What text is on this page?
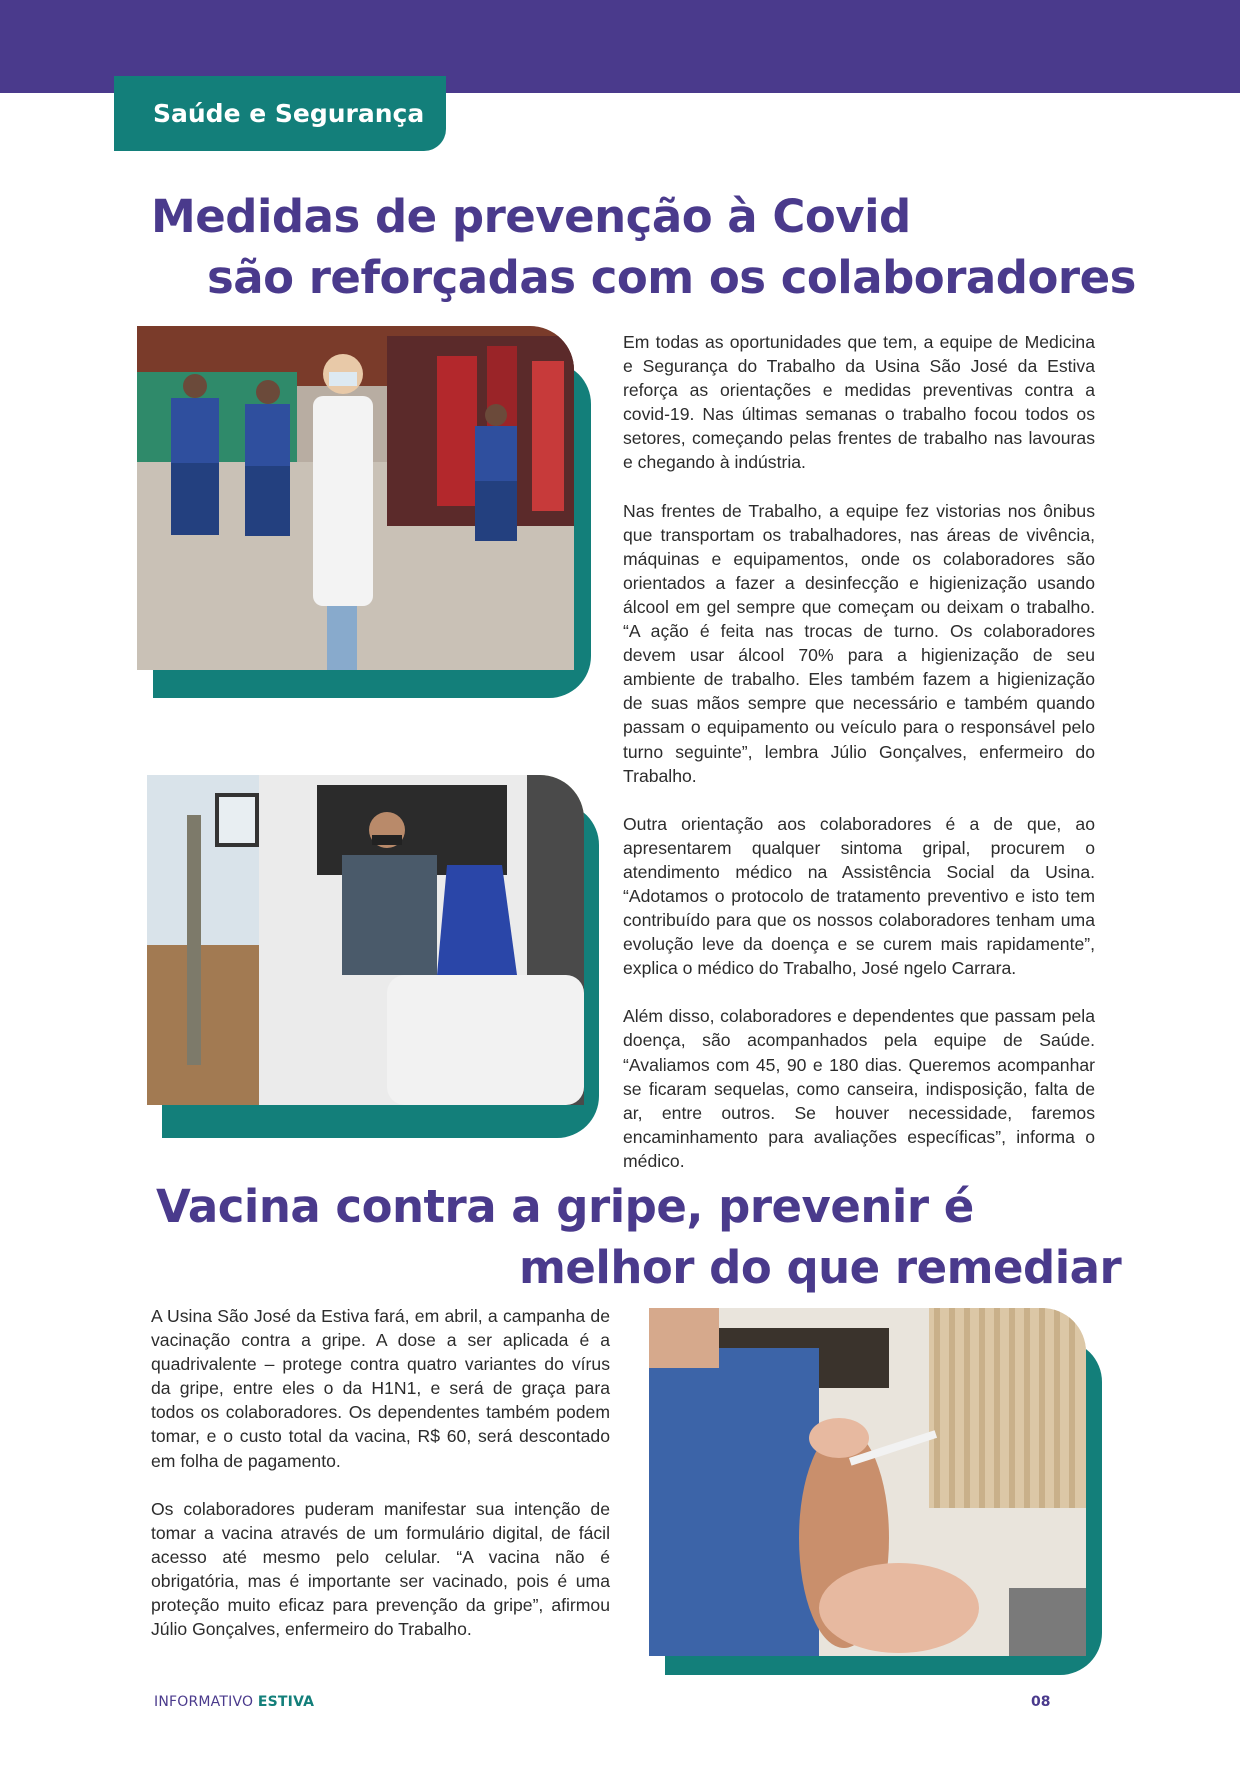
Saúde e Segurança
Medidas de prevenção à Covid
são reforçadas com os colaboradores

Em todas as oportunidades que tem, a equipe de Medicina e Segurança do Trabalho da Usina São José da Estiva reforça as orientações e medidas preventivas contra a covid-19. Nas últimas semanas o trabalho focou todos os setores, começando pelas frentes de trabalho nas lavouras e chegando à indústria.

Nas frentes de Trabalho, a equipe fez vistorias nos ônibus que transportam os trabalhadores, nas áreas de vivência, máquinas e equipamentos, onde os colaboradores são orientados a fazer a desinfecção e higienização usando álcool em gel sempre que começam ou deixam o trabalho. “A ação é feita nas trocas de turno. Os colaboradores devem usar álcool 70% para a higienização de seu ambiente de trabalho. Eles também fazem a higienização de suas mãos sempre que necessário e também quando passam o equipamento ou veículo para o responsável pelo turno seguinte”, lembra Júlio Gonçalves, enfermeiro do Trabalho.

Outra orientação aos colaboradores é a de que, ao apresentarem qualquer sintoma gripal, procurem o atendimento médico na Assistência Social da Usina. “Adotamos o protocolo de tratamento preventivo e isto tem contribuído para que os nossos colaboradores tenham uma evolução leve da doença e se curem mais rapidamente”, explica o médico do Trabalho, José ngelo Carrara.

Além disso, colaboradores e dependentes que passam pela doença, são acompanhados pela equipe de Saúde. “Avaliamos com 45, 90 e 180 dias. Queremos acompanhar se ficaram sequelas, como canseira, indisposição, falta de ar, entre outros. Se houver necessidade, faremos encaminhamento para avaliações específicas”, informa o médico.

Vacina contra a gripe, prevenir é
melhor do que remediar

A Usina São José da Estiva fará, em abril, a campanha de vacinação contra a gripe. A dose a ser aplicada é a quadrivalente – protege contra quatro variantes do vírus da gripe, entre eles o da H1N1, e será de graça para todos os colaboradores. Os dependentes também podem tomar, e o custo total da vacina, R$ 60, será descontado em folha de pagamento.

Os colaboradores puderam manifestar sua intenção de tomar a vacina através de um formulário digital, de fácil acesso até mesmo pelo celular. “A vacina não é obrigatória, mas é importante ser vacinado, pois é uma proteção muito eficaz para prevenção da gripe”, afirmou Júlio Gonçalves, enfermeiro do Trabalho.

INFORMATIVO ESTIVA	08
